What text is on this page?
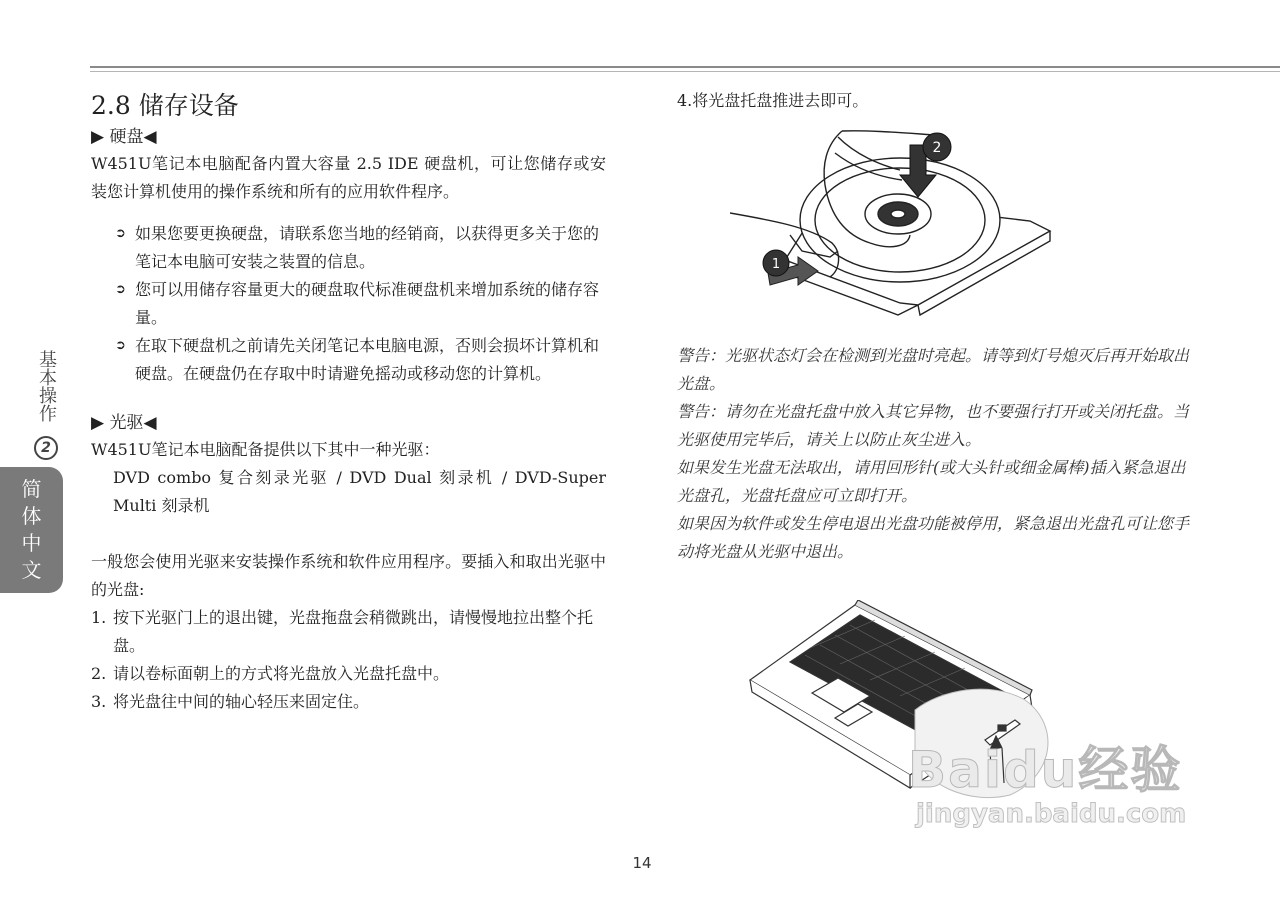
基本操作
2
简
体
中
文
2.8 储存设备
▶ 硬盘◀

W451U笔记本电脑配备内置大容量 2.5 IDE 硬盘机，可让您储存或安装您计算机使用的操作系统和所有的应用软件程序。

➲ 如果您要更换硬盘，请联系您当地的经销商，以获得更多关于您的笔记本电脑可安装之装置的信息。
➲ 您可以用储存容量更大的硬盘取代标准硬盘机来增加系统的储存容量。
➲ 在取下硬盘机之前请先关闭笔记本电脑电源，否则会损坏计算机和硬盘。在硬盘仍在存取中时请避免摇动或移动您的计算机。
▶ 光驱◀

W451U笔记本电脑配备提供以下其中一种光驱：

DVD combo 复合刻录光驱 / DVD Dual 刻录机 / DVD-Super Multi 刻录机

一般您会使用光驱来安装操作系统和软件应用程序。要插入和取出光驱中的光盘:

1. 按下光驱门上的退出键，光盘拖盘会稍微跳出，请慢慢地拉出整个托盘。
2. 请以卷标面朝上的方式将光盘放入光盘托盘中。
3. 将光盘往中间的轴心轻压来固定住。

4.将光盘托盘推进去即可。

2
1

警告：光驱状态灯会在检测到光盘时亮起。请等到灯号熄灭后再开始取出光盘。

警告：请勿在光盘托盘中放入其它异物，也不要强行打开或关闭托盘。当光驱使用完毕后，请关上以防止灰尘进入。

如果发生光盘无法取出，请用回形针(或大头针或细金属棒)插入紧急退出光盘孔，光盘托盘应可立即打开。

如果因为软件或发生停电退出光盘功能被停用，紧急退出光盘孔可让您手动将光盘从光驱中退出。

Baidu经验
jingyan.baidu.com
14
